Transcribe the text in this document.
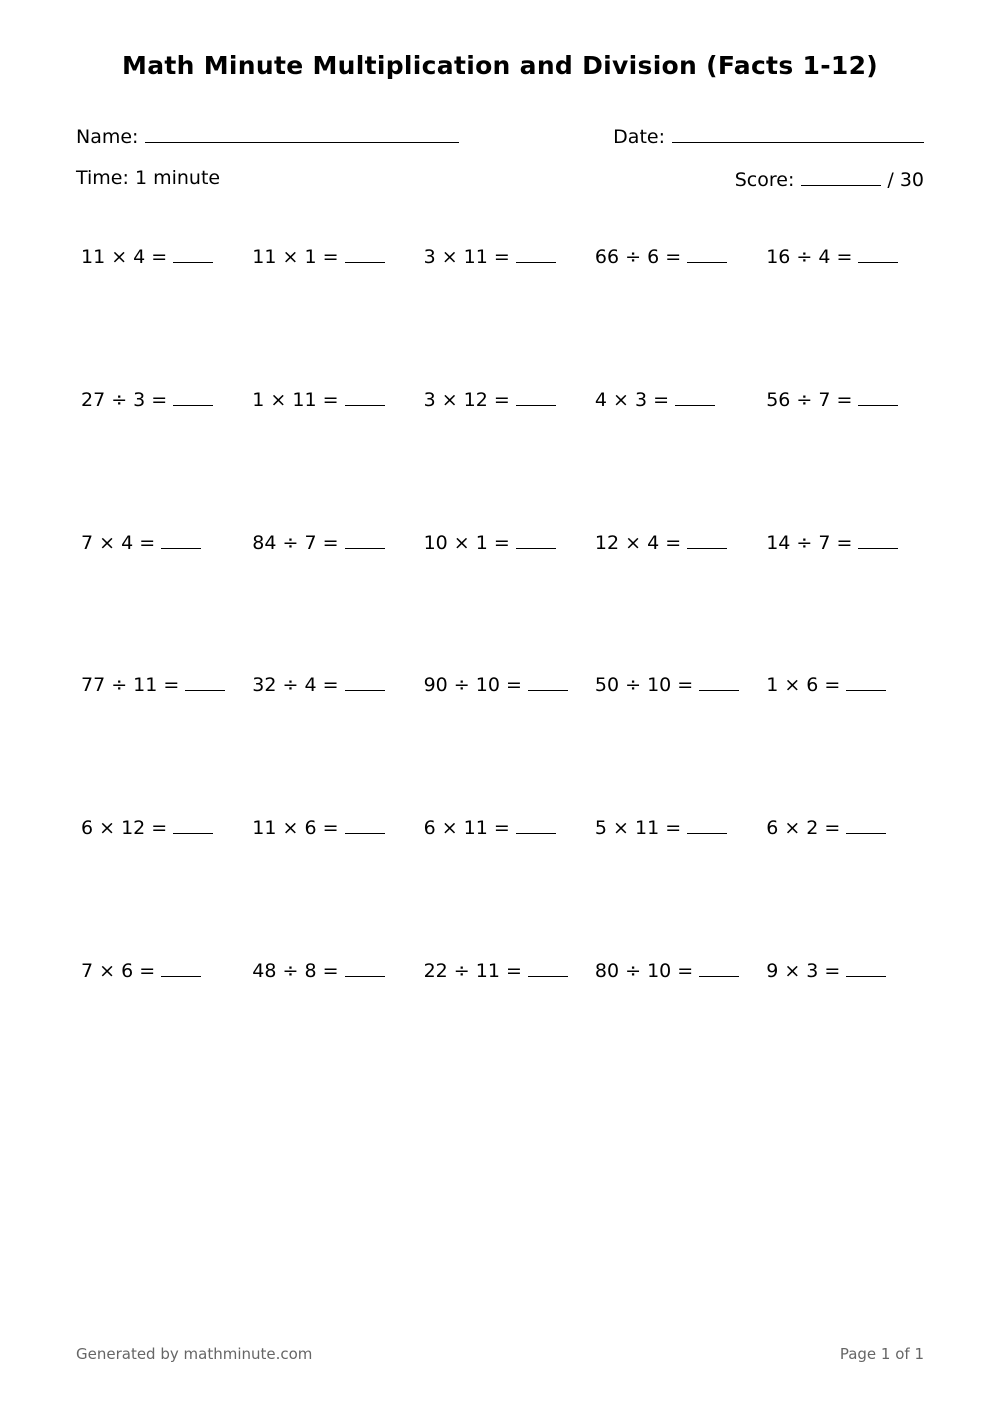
Math Minute Multiplication and Division (Facts 1-12)
Name:	Date:
Time: 1 minute	Score:	/ 30
11 × 4 =	11 × 1 =	3 × 11 =	66 ÷ 6 =	16 ÷ 4 =
27 ÷ 3 =	1 × 11 =	3 × 12 =	4 × 3 =	56 ÷ 7 =
7 × 4 =	84 ÷ 7 =	10 × 1 =	12 × 4 =	14 ÷ 7 =
77 ÷ 11 =	32 ÷ 4 =	90 ÷ 10 =	50 ÷ 10 =	1 × 6 =
6 × 12 =	11 × 6 =	6 × 11 =	5 × 11 =	6 × 2 =
7 × 6 =	48 ÷ 8 =	22 ÷ 11 =	80 ÷ 10 =	9 × 3 =
Generated by mathminute.com	Page 1 of 1
